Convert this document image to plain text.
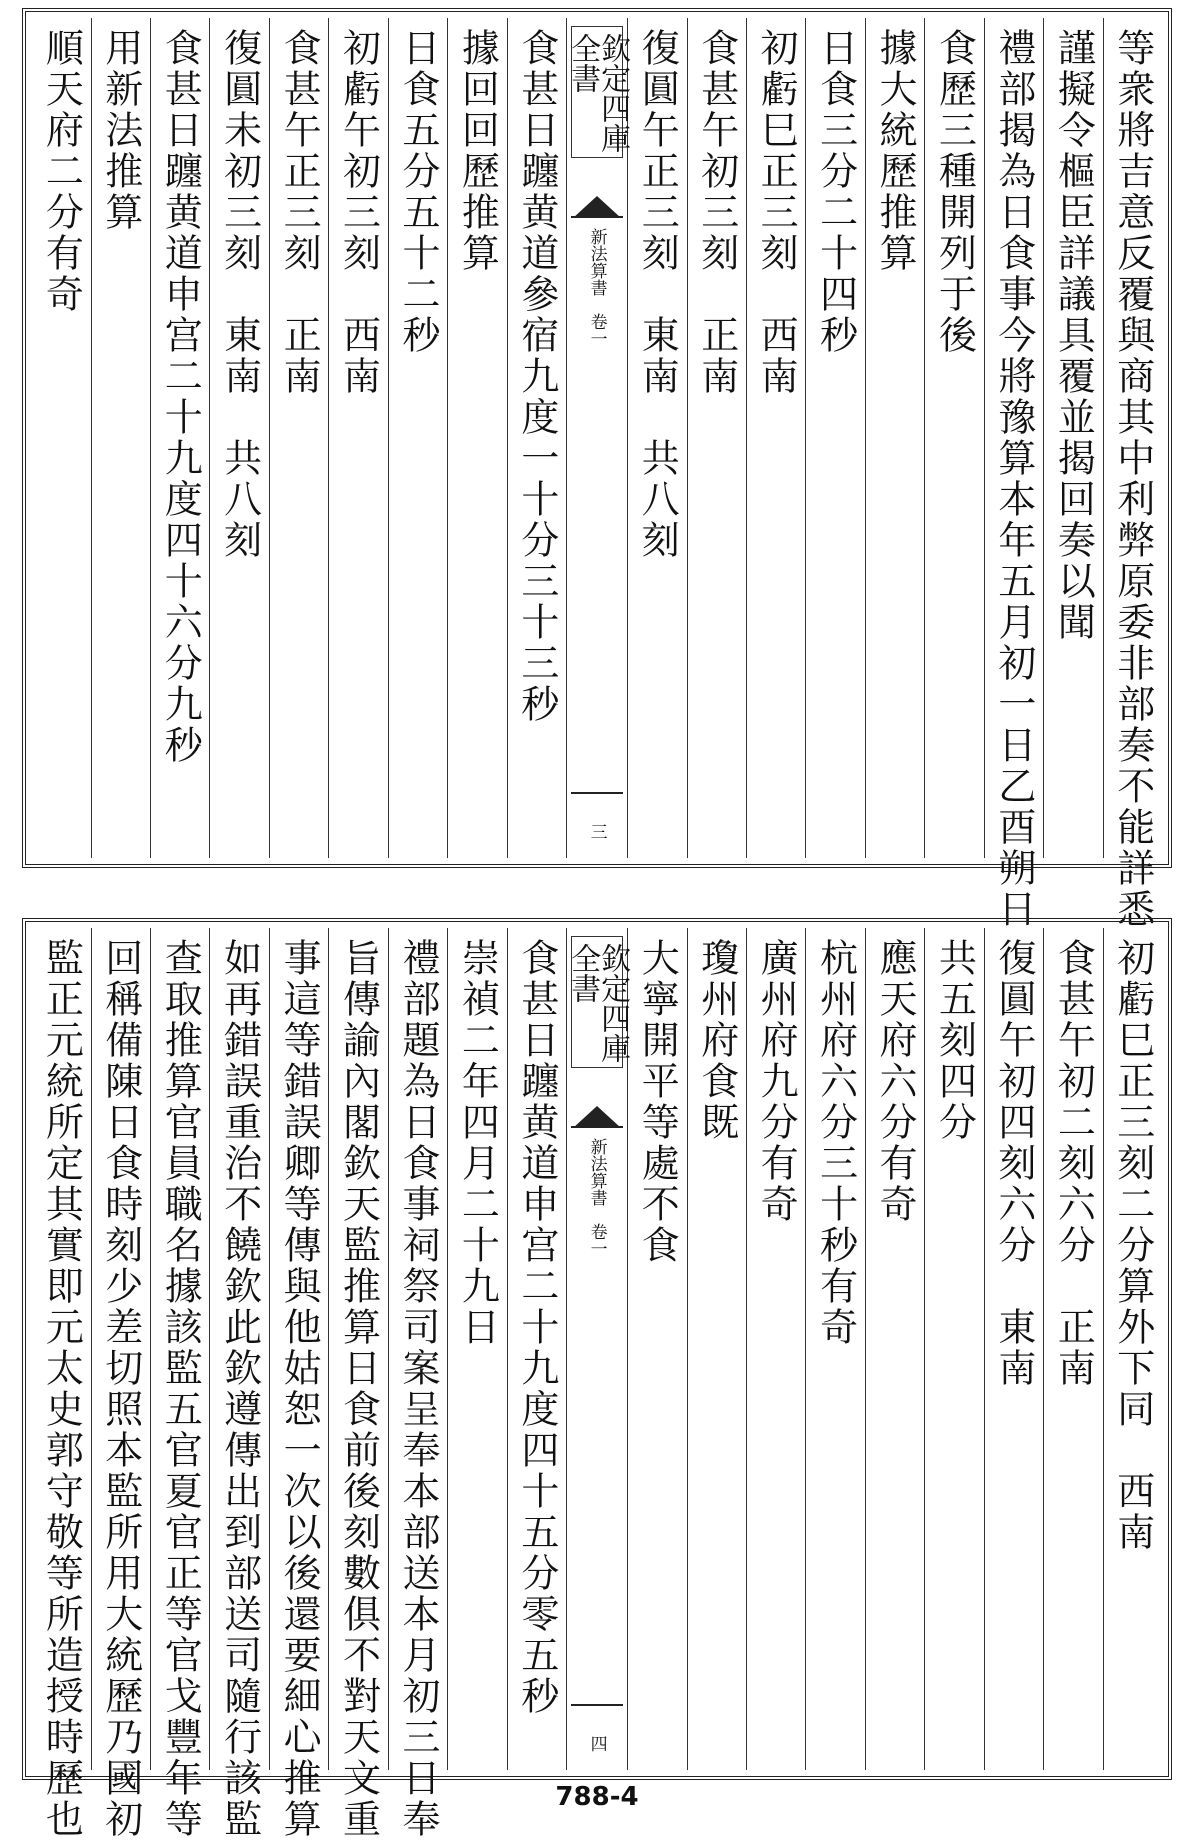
等衆將吉意反覆與商其中利弊原委非部奏不能詳悉
謹擬令樞臣詳議具覆並揭回奏以聞
禮部揭為日食事今將豫算本年五月初一日乙酉朔日
食歷三種開列于後
據大統歷推算
日食三分二十四秒
初虧巳正三刻　西南
食甚午初三刻　正南
復圓午正三刻　東南　共八刻
欽定四庫全書
新法算書　卷一
三
食甚日躔黄道參宿九度一十分三十三秒
據回回歷推算
日食五分五十二秒
初虧午初三刻　西南
食甚午正三刻　正南
復圓未初三刻　東南　共八刻
食甚日躔黄道申宫二十九度四十六分九秒
用新法推算
順天府二分有奇
初虧巳正三刻二分算外下同　西南
食甚午初二刻六分　正南
復圓午初四刻六分　東南
共五刻四分
應天府六分有奇
杭州府六分三十秒有奇
廣州府九分有奇
瓊州府食既
大寧開平等處不食
欽定四庫全書
新法算書　卷一
四
食甚日躔黄道申宫二十九度四十五分零五秒
崇禎二年四月二十九日
禮部題為日食事祠祭司案呈奉本部送本月初三日奉
旨傳諭內閣欽天監推算日食前後刻數俱不對天文重
事這等錯誤卿等傳與他姑恕一次以後還要細心推算
如再錯誤重治不饒欽此欽遵傳出到部送司隨行該監
查取推算官員職名據該監五官夏官正等官戈豐年等
回稱備陳日食時刻少差切照本監所用大統歷乃國初
監正元統所定其實即元太史郭守敬等所造授時歷也	788-4
